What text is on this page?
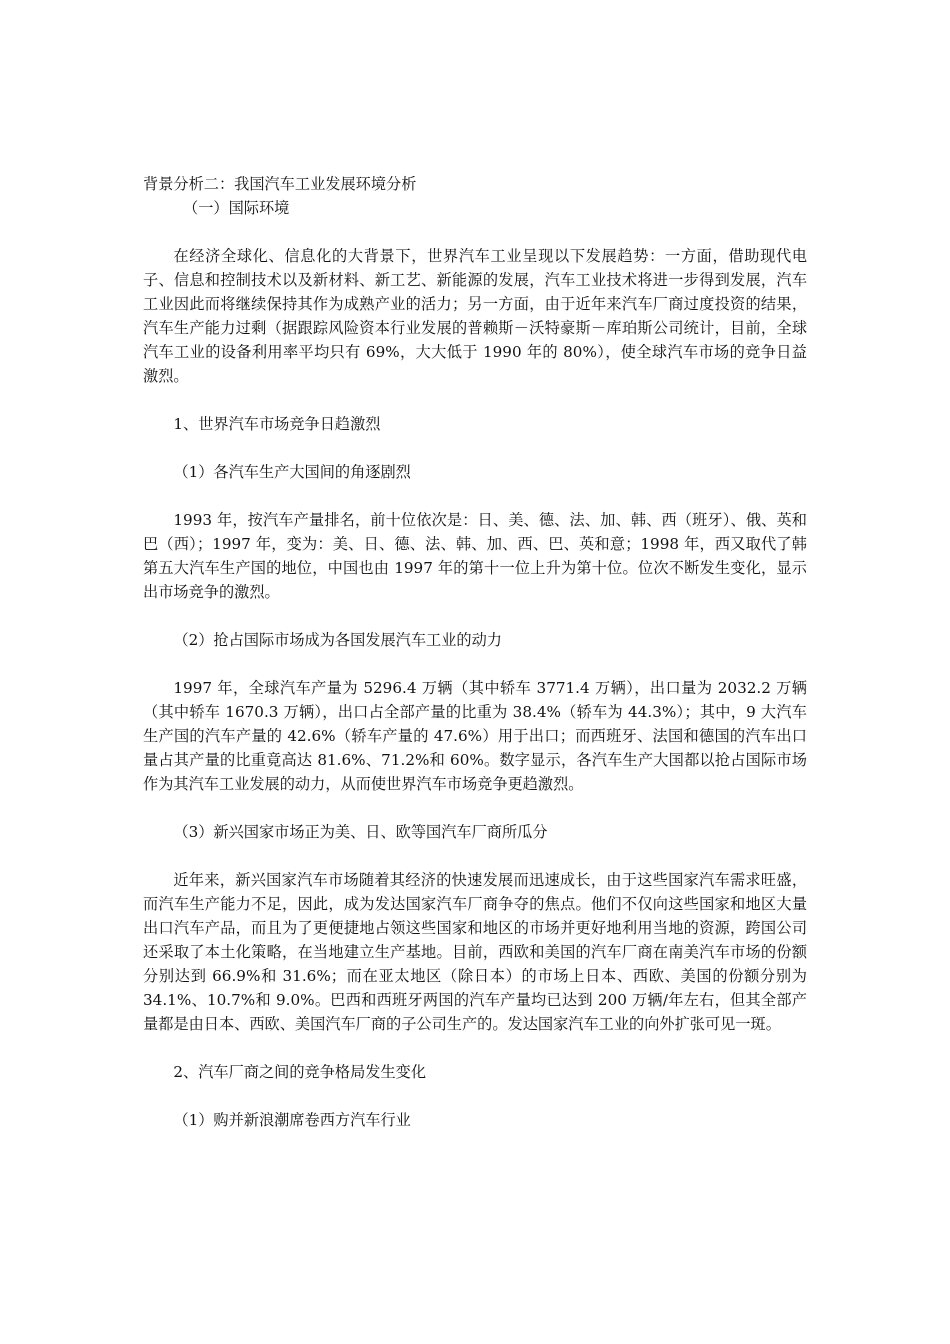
背景分析二：我国汽车工业发展环境分析

（一）国际环境

在经济全球化、信息化的大背景下，世界汽车工业呈现以下发展趋势：一方面，借助现代电子、信息和控制技术以及新材料、新工艺、新能源的发展，汽车工业技术将进一步得到发展，汽车工业因此而将继续保持其作为成熟产业的活力；另一方面，由于近年来汽车厂商过度投资的结果，汽车生产能力过剩（据跟踪风险资本行业发展的普赖斯－沃特豪斯－库珀斯公司统计，目前，全球汽车工业的设备利用率平均只有 69%，大大低于 1990 年的 80%），使全球汽车市场的竞争日益激烈。

1、世界汽车市场竞争日趋激烈

（1）各汽车生产大国间的角逐剧烈

1993 年，按汽车产量排名，前十位依次是：日、美、德、法、加、韩、西（班牙）、俄、英和巴（西）；1997 年，变为：美、日、德、法、韩、加、西、巴、英和意；1998 年，西又取代了韩第五大汽车生产国的地位，中国也由 1997 年的第十一位上升为第十位。位次不断发生变化，显示出市场竞争的激烈。

（2）抢占国际市场成为各国发展汽车工业的动力

1997 年，全球汽车产量为 5296.4 万辆（其中轿车 3771.4 万辆），出口量为 2032.2 万辆（其中轿车 1670.3 万辆），出口占全部产量的比重为 38.4%（轿车为 44.3%）；其中，9 大汽车生产国的汽车产量的 42.6%（轿车产量的 47.6%）用于出口；而西班牙、法国和德国的汽车出口量占其产量的比重竟高达 81.6%、71.2%和 60%。数字显示，各汽车生产大国都以抢占国际市场作为其汽车工业发展的动力，从而使世界汽车市场竞争更趋激烈。

（3）新兴国家市场正为美、日、欧等国汽车厂商所瓜分

近年来，新兴国家汽车市场随着其经济的快速发展而迅速成长，由于这些国家汽车需求旺盛，而汽车生产能力不足，因此，成为发达国家汽车厂商争夺的焦点。他们不仅向这些国家和地区大量出口汽车产品，而且为了更便捷地占领这些国家和地区的市场并更好地利用当地的资源，跨国公司还采取了本土化策略，在当地建立生产基地。目前，西欧和美国的汽车厂商在南美汽车市场的份额分别达到 66.9%和 31.6%；而在亚太地区（除日本）的市场上日本、西欧、美国的份额分别为 34.1%、10.7%和 9.0%。巴西和西班牙两国的汽车产量均已达到 200 万辆/年左右，但其全部产量都是由日本、西欧、美国汽车厂商的子公司生产的。发达国家汽车工业的向外扩张可见一斑。

2、汽车厂商之间的竞争格局发生变化

（1）购并新浪潮席卷西方汽车行业
